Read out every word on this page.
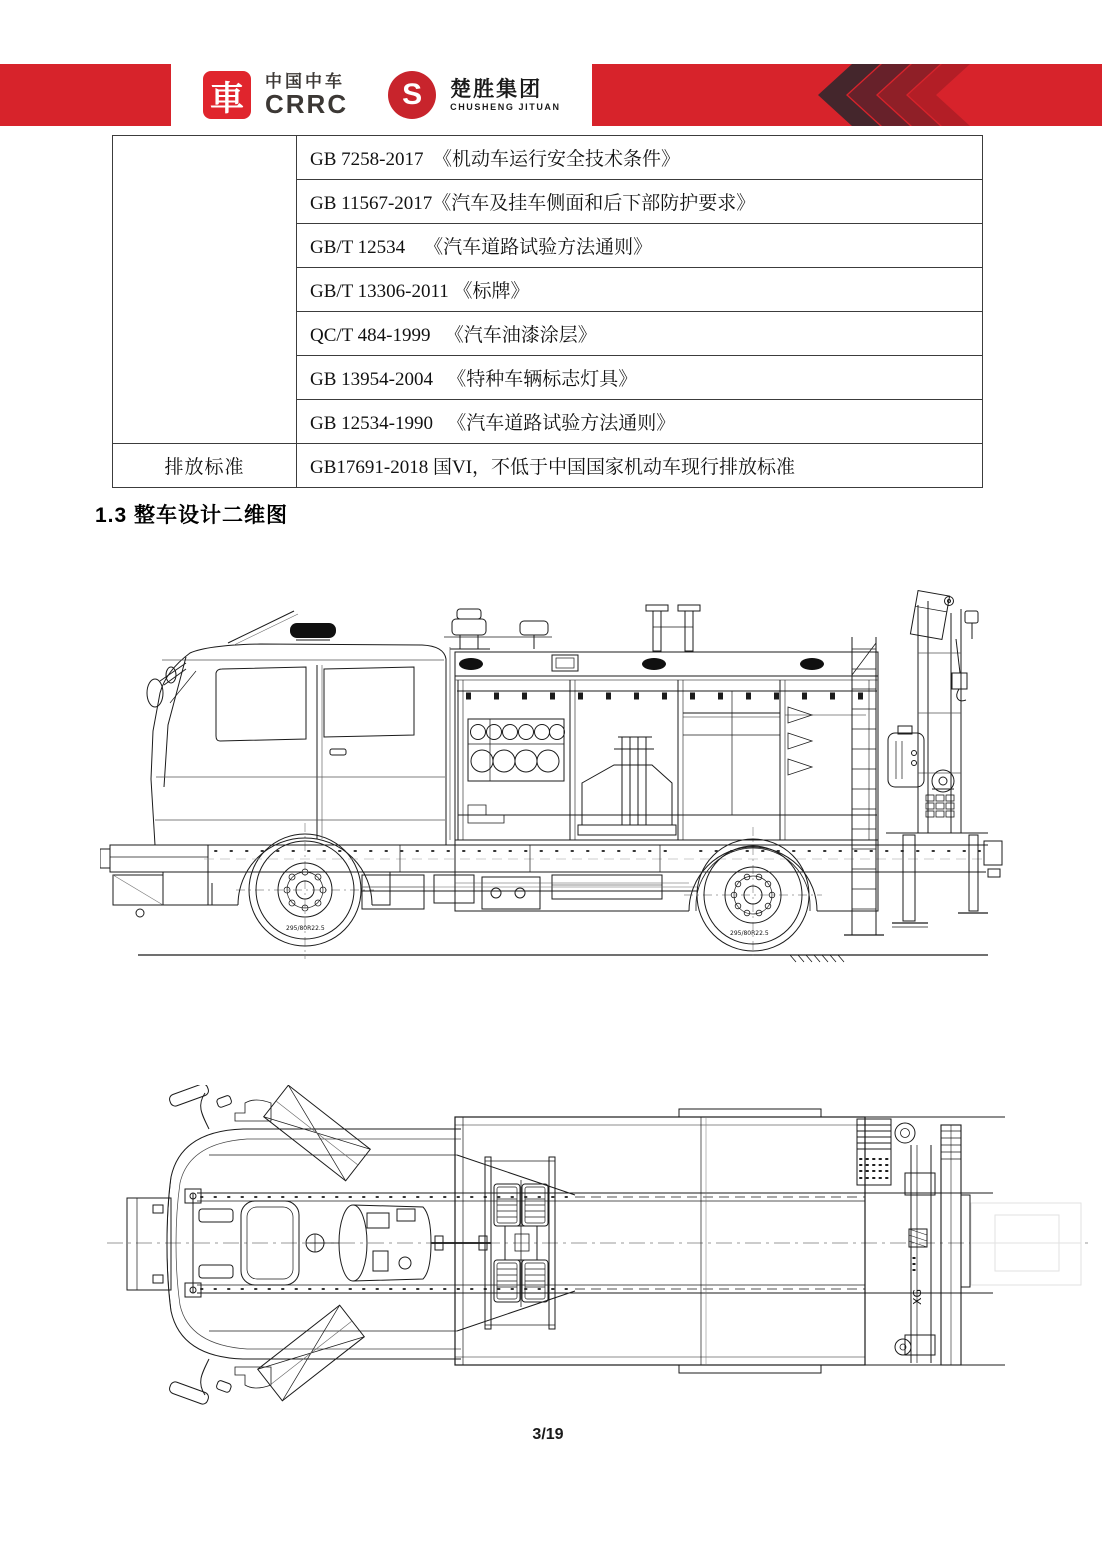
車	中国中车
CRRC	S	楚胜集团
CHUSHENG JITUAN
	GB 7258-2017  《机动车运行安全技术条件》
	GB 11567-2017《汽车及挂车侧面和后下部防护要求》
	GB/T 12534    《汽车道路试验方法通则》
	GB/T 13306-2011 《标牌》
	QC/T 484-1999   《汽车油漆涂层》
	GB 13954-2004   《特种车辆标志灯具》
	GB 12534-1990   《汽车道路试验方法通则》
排放标准	GB17691-2018 国VI，不低于中国国家机动车现行排放标准
1.3 整车设计二维图
295/80R22.5
295/80R22.5
XG
3/19
